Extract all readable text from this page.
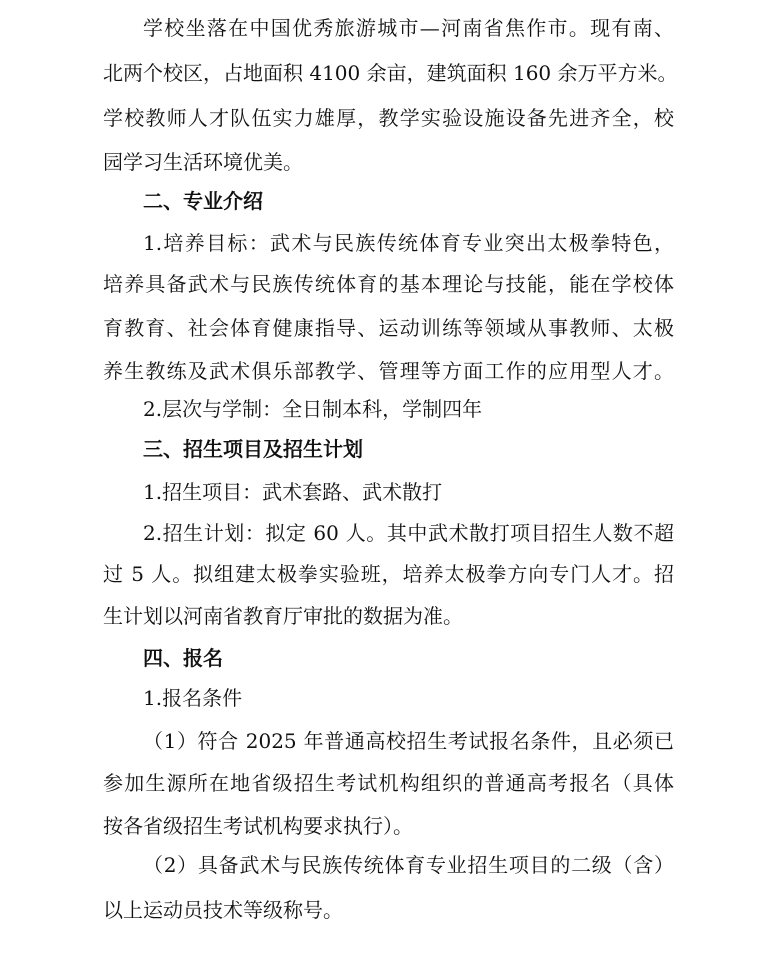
学校坐落在中国优秀旅游城市—河南省焦作市。现有南、
北两个校区，占地面积 4100 余亩，建筑面积 160 余万平方米。
学校教师人才队伍实力雄厚，教学实验设施设备先进齐全，校
园学习生活环境优美。
二、专业介绍
1.培养目标：武术与民族传统体育专业突出太极拳特色，
培养具备武术与民族传统体育的基本理论与技能，能在学校体
育教育、社会体育健康指导、运动训练等领域从事教师、太极
养生教练及武术俱乐部教学、管理等方面工作的应用型人才。
2.层次与学制：全日制本科，学制四年
三、招生项目及招生计划
1.招生项目：武术套路、武术散打
2.招生计划：拟定 60 人。其中武术散打项目招生人数不超
过 5 人。拟组建太极拳实验班，培养太极拳方向专门人才。招
生计划以河南省教育厅审批的数据为准。
四、报名
1.报名条件
（1）符合 2025 年普通高校招生考试报名条件，且必须已
参加生源所在地省级招生考试机构组织的普通高考报名（具体
按各省级招生考试机构要求执行）。
（2）具备武术与民族传统体育专业招生项目的二级（含）
以上运动员技术等级称号。
